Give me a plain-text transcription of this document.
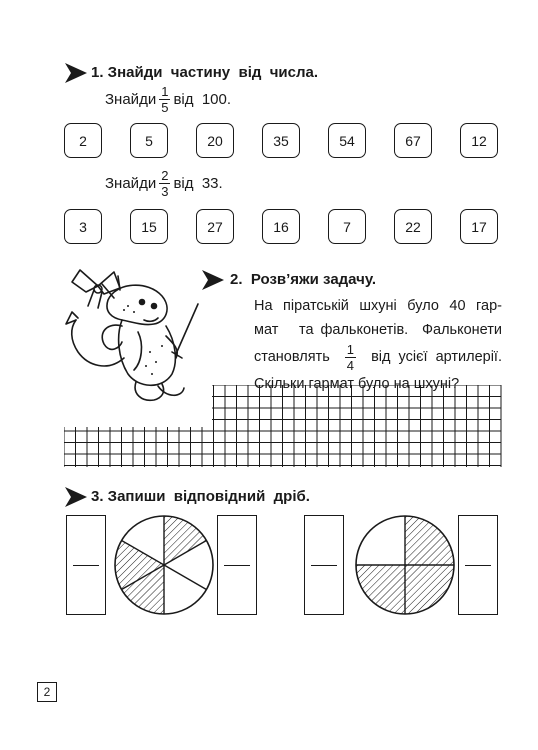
1. Знайди  частину  від  числа.
Знайди $\frac{1}{5}$ від  100.
2	5	20	35	54	67	12
Знайди $\frac{2}{3}$ від  33.
3	15	27	16	7	22	17
2.  Розв’яжи задачу.

На  піратській  шхуні  було  40  гар-

мат   та фальконетів.  Фальконети

становлять $\frac{1}{4}$ від  усієї  артилерії.

Скільки гармат було на шхуні?

3. Запиши  відповідний  дріб.
2
